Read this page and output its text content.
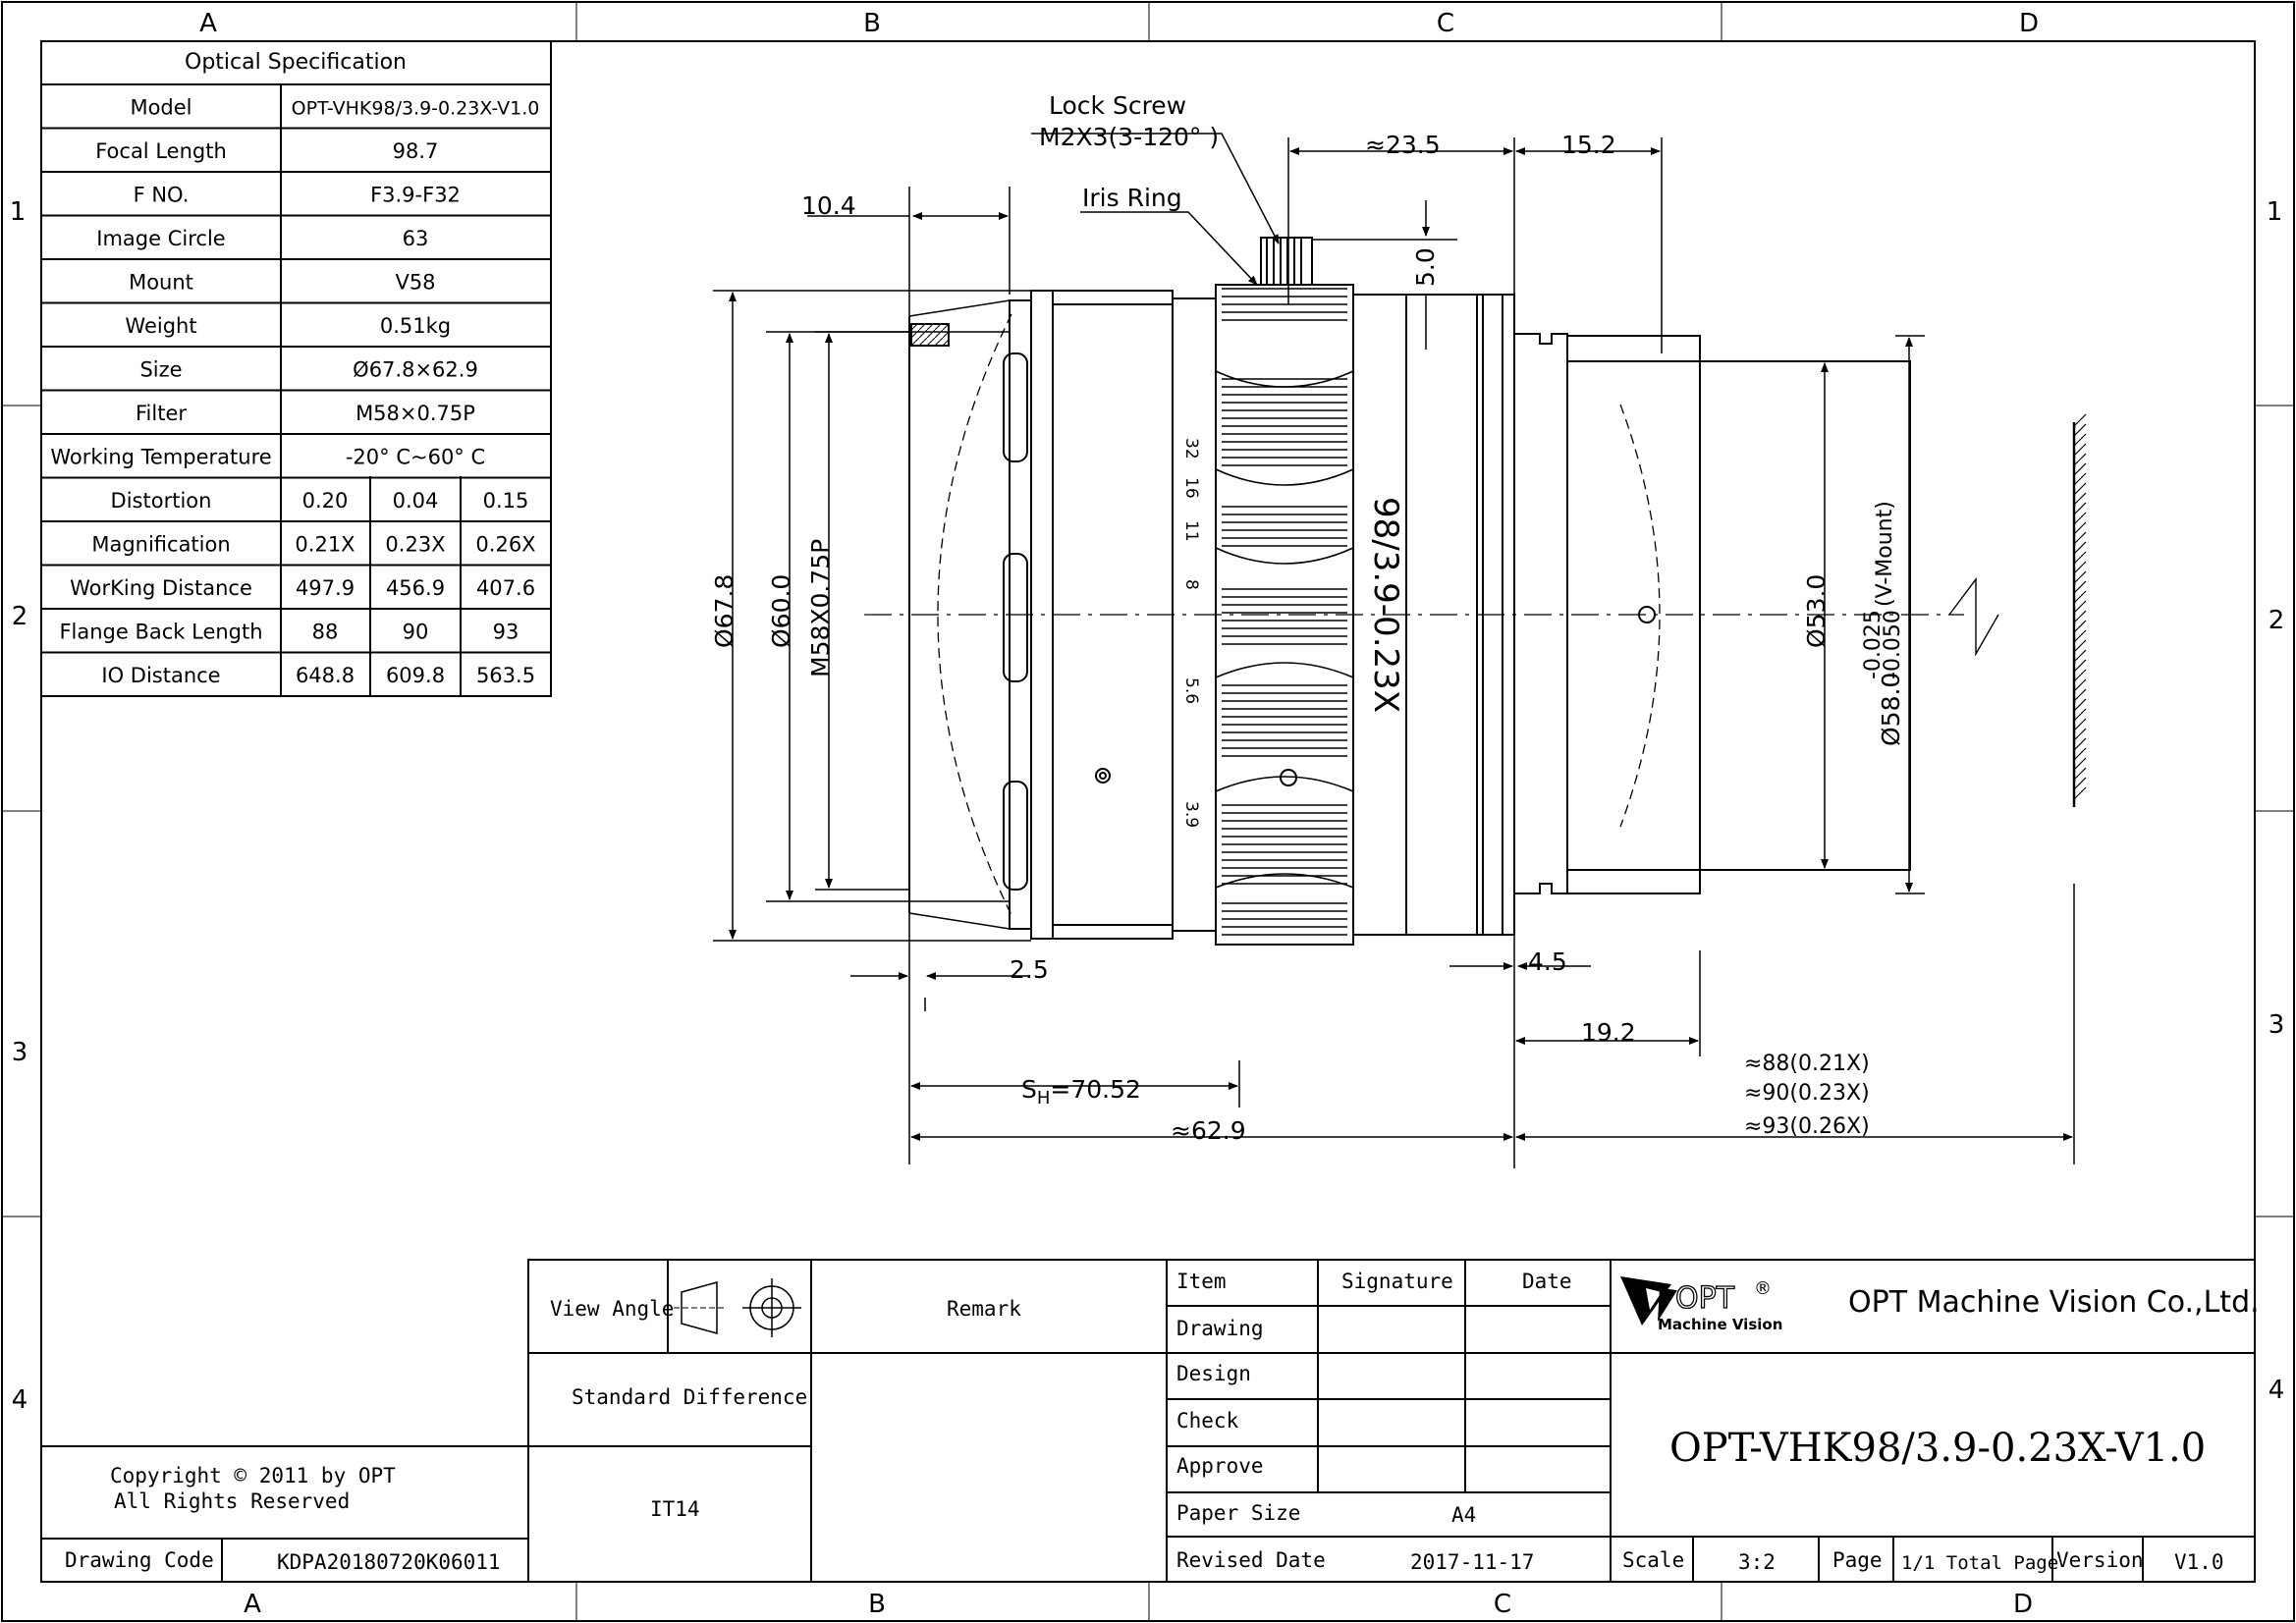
A	B	C	D
A	B	C	D
1
2
3
4
1
2
3
4
Optical Specification
Model	OPT-VHK98/3.9-0.23X-V1.0
Focal Length	98.7
F NO.	F3.9-F32
Image Circle	63
Mount	V58
Weight	0.51kg
Size	Ø67.8×62.9
Filter	M58×0.75P
Working Temperature	-20° C~60° C
Distortion	0.20 0.04 0.15
Magnification	0.21X 0.23X 0.26X
WorKing Distance 497.9 456.9 407.6
Flange Back Length 88	90	93
IO Distance	648.8 609.8 563.5
Lock Screw
M2X3(3-120° )
Iris Ring
10.4
≈23.5	15.2
5.0
Ø67.8 Ø60.0 M58X0.75P	Ø53.0
Ø58.0
-0.025
-0.050
(V-Mount)
2.5	4.5
19.2
$S_H=70.52$
≈62.9
≈88(0.21X)
≈90(0.23X)
≈93(0.26X)
98/3.9-0.23X
32
16
11
8
5.6
3.9
View Angle	Remark
Standard Difference
IT14
Copyright © 2011 by OPT
All Rights Reserved
Drawing Code	KDPA20180720K06011
Item	Signature	Date
Drawing
Design
Check
Approve
Paper Size	A4
Revised Date	2017-11-17	Scale	3:2	Page 1/1 Total Page
Version V1.0
OPT-VHK98/3.9-0.23X-V1.0
OPT ®
Machine Vision
OPT Machine Vision Co.,Ltd.
